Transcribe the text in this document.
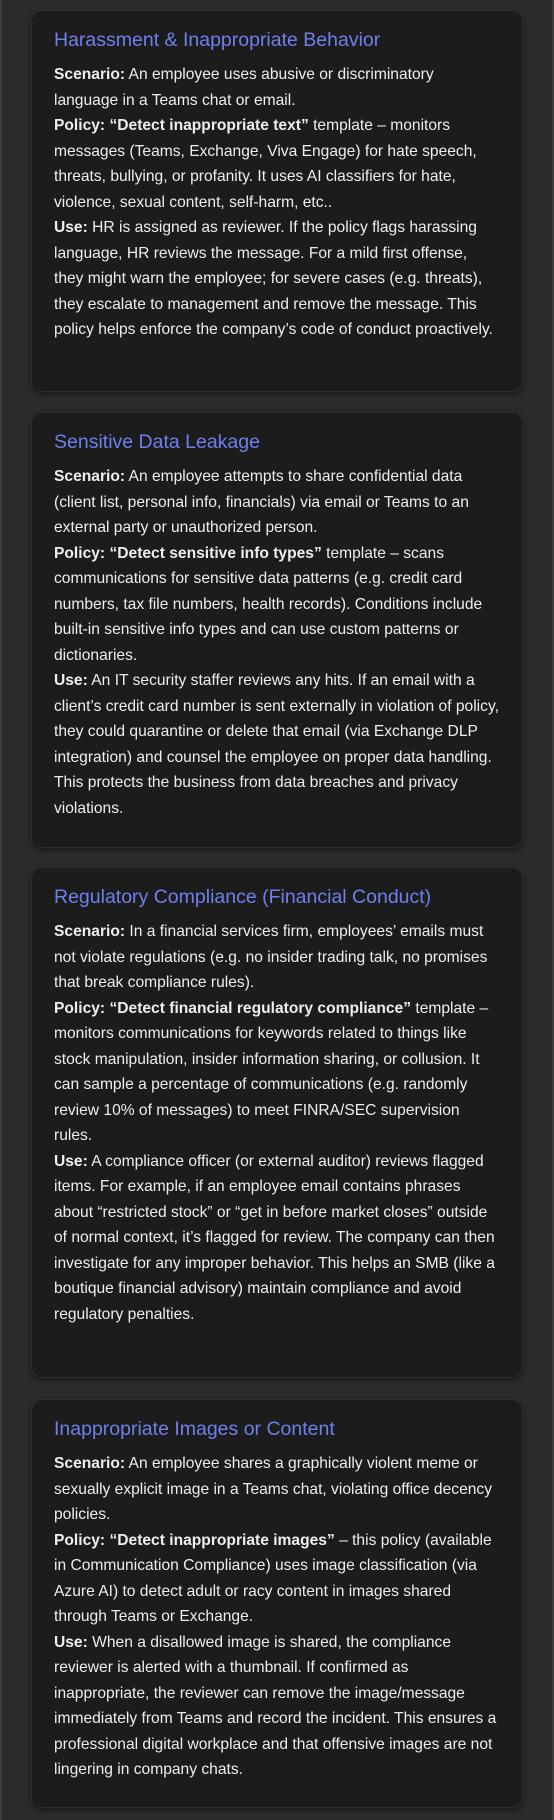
Harassment & Inappropriate Behavior

Scenario: An employee uses abusive or discriminatory language in a Teams chat or email.
Policy: “Detect inappropriate text” template – monitors messages (Teams, Exchange, Viva Engage) for hate speech, threats, bullying, or profanity. It uses AI classifiers for hate, violence, sexual content, self-harm, etc..
Use: HR is assigned as reviewer. If the policy flags harassing language, HR reviews the message. For a mild first offense, they might warn the employee; for severe cases (e.g. threats), they escalate to management and remove the message. This policy helps enforce the company’s code of conduct proactively.

Sensitive Data Leakage

Scenario: An employee attempts to share confidential data (client list, personal info, financials) via email or Teams to an external party or unauthorized person.
Policy: “Detect sensitive info types” template – scans communications for sensitive data patterns (e.g. credit card numbers, tax file numbers, health records). Conditions include built-in sensitive info types and can use custom patterns or dictionaries.
Use: An IT security staffer reviews any hits. If an email with a client’s credit card number is sent externally in violation of policy, they could quarantine or delete that email (via Exchange DLP integration) and counsel the employee on proper data handling. This protects the business from data breaches and privacy violations.

Regulatory Compliance (Financial Conduct)

Scenario: In a financial services firm, employees’ emails must not violate regulations (e.g. no insider trading talk, no promises that break compliance rules).
Policy: “Detect financial regulatory compliance” template – monitors communications for keywords related to things like stock manipulation, insider information sharing, or collusion. It can sample a percentage of communications (e.g. randomly review 10% of messages) to meet FINRA/SEC supervision rules.
Use: A compliance officer (or external auditor) reviews flagged items. For example, if an employee email contains phrases about “restricted stock” or “get in before market closes” outside of normal context, it’s flagged for review. The company can then investigate for any improper behavior. This helps an SMB (like a boutique financial advisory) maintain compliance and avoid regulatory penalties.

Inappropriate Images or Content

Scenario: An employee shares a graphically violent meme or sexually explicit image in a Teams chat, violating office decency policies.
Policy: “Detect inappropriate images” – this policy (available in Communication Compliance) uses image classification (via Azure AI) to detect adult or racy content in images shared through Teams or Exchange.
Use: When a disallowed image is shared, the compliance reviewer is alerted with a thumbnail. If confirmed as inappropriate, the reviewer can remove the image/message immediately from Teams and record the incident. This ensures a professional digital workplace and that offensive images are not lingering in company chats.
